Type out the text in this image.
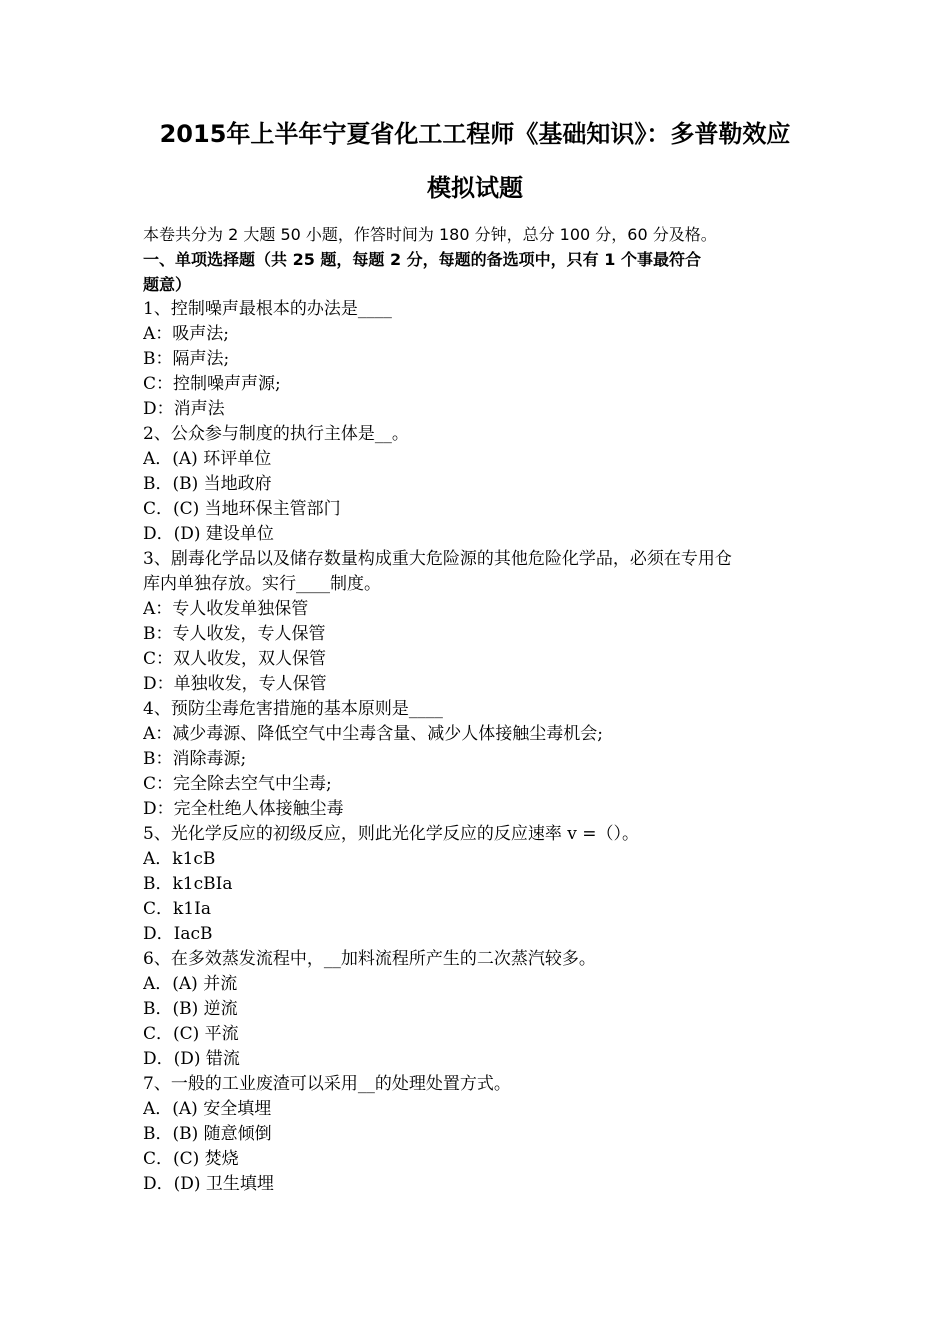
2015年上半年宁夏省化工工程师《基础知识》：多普勒效应
模拟试题
本卷共分为 2 大题 50 小题，作答时间为 180 分钟，总分 100 分，60 分及格。
一、单项选择题（共 25 题，每题 2 分，每题的备选项中，只有 1 个事最符合
题意）
1、控制噪声最根本的办法是____
A：吸声法;
B：隔声法;
C：控制噪声声源;
D：消声法
2、公众参与制度的执行主体是__。
A．(A) 环评单位
B．(B) 当地政府
C．(C) 当地环保主管部门
D．(D) 建设单位
3、剧毒化学品以及储存数量构成重大危险源的其他危险化学品，必须在专用仓
库内单独存放。实行____制度。
A：专人收发单独保管
B：专人收发，专人保管
C：双人收发，双人保管
D：单独收发，专人保管
4、预防尘毒危害措施的基本原则是____
A：减少毒源、降低空气中尘毒含量、减少人体接触尘毒机会;
B：消除毒源;
C：完全除去空气中尘毒;
D：完全杜绝人体接触尘毒
5、光化学反应的初级反应，则此光化学反应的反应速率 v =（）。
A．k1cB
B．k1cBIa
C．k1Ia
D．IacB
6、在多效蒸发流程中，__加料流程所产生的二次蒸汽较多。
A．(A) 并流
B．(B) 逆流
C．(C) 平流
D．(D) 错流
7、一般的工业废渣可以采用__的处理处置方式。
A．(A) 安全填埋
B．(B) 随意倾倒
C．(C) 焚烧
D．(D) 卫生填埋
